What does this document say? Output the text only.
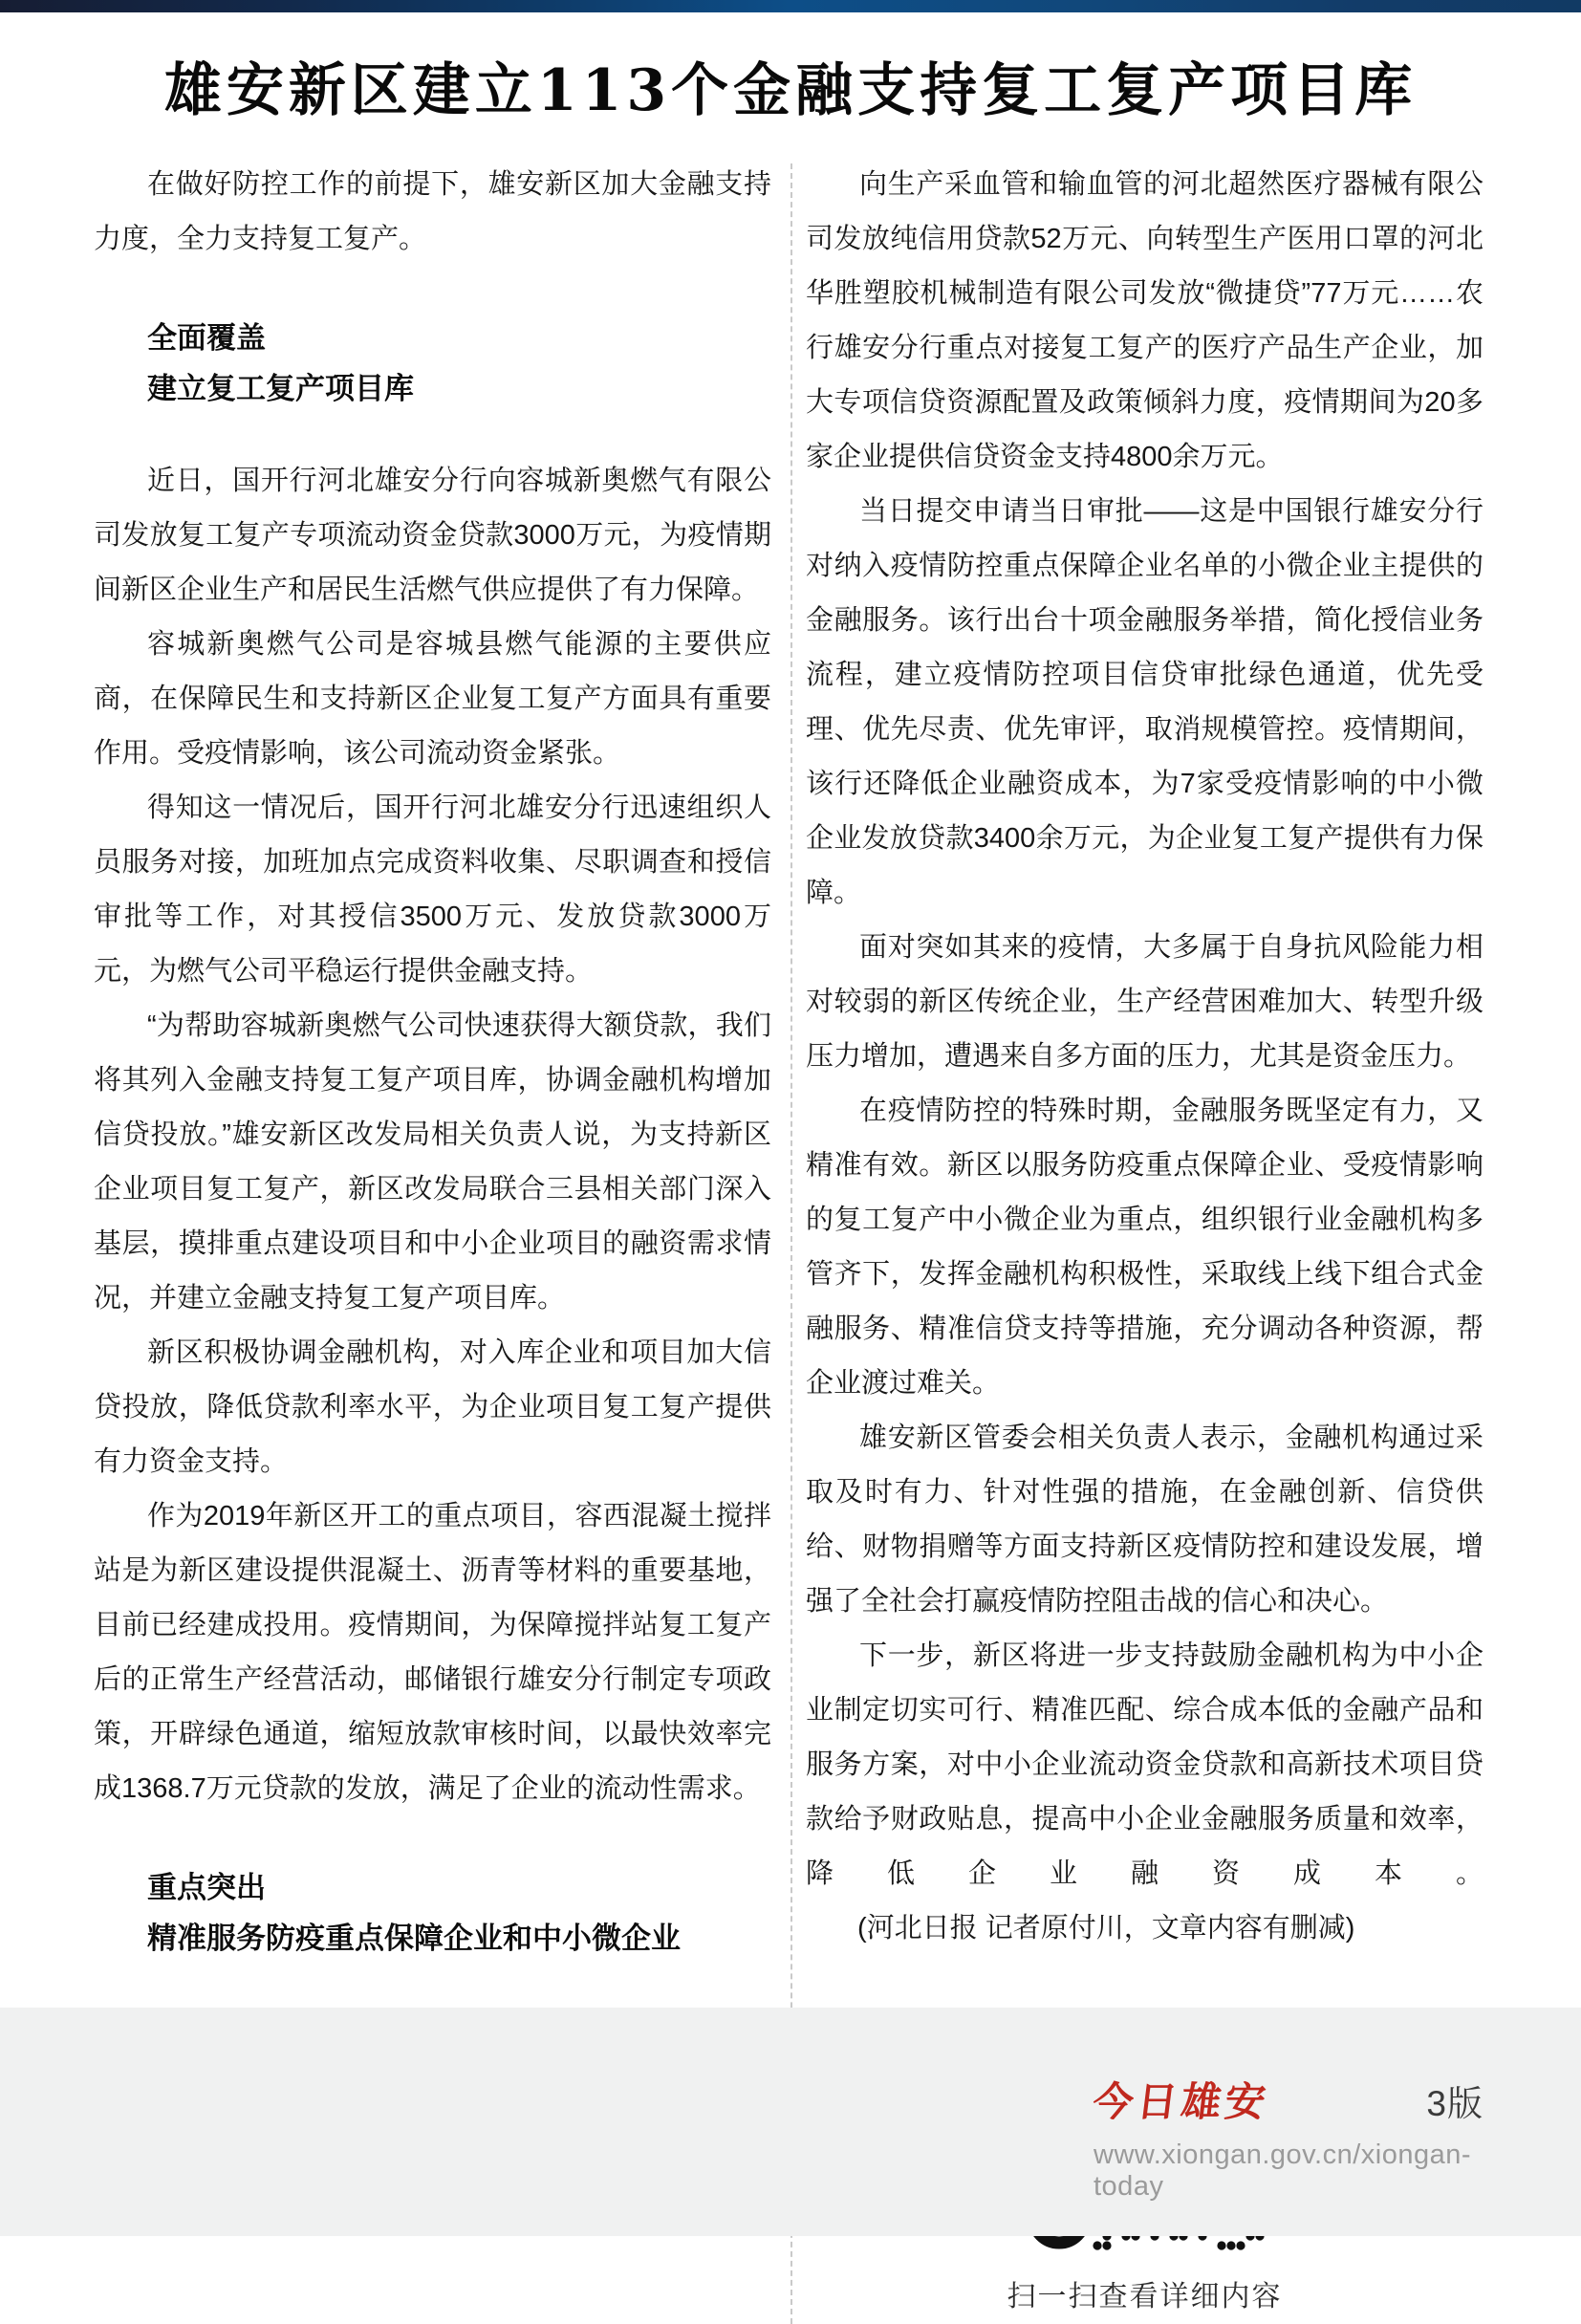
雄安新区建立113个金融支持复工复产项目库

在做好防控工作的前提下，雄安新区加大金融支持力度，全力支持复工复产。

全面覆盖
建立复工复产项目库

近日，国开行河北雄安分行向容城新奥燃气有限公司发放复工复产专项流动资金贷款3000万元，为疫情期间新区企业生产和居民生活燃气供应提供了有力保障。

容城新奥燃气公司是容城县燃气能源的主要供应商，在保障民生和支持新区企业复工复产方面具有重要作用。受疫情影响，该公司流动资金紧张。

得知这一情况后，国开行河北雄安分行迅速组织人员服务对接，加班加点完成资料收集、尽职调查和授信审批等工作，对其授信3500万元、发放贷款3000万元，为燃气公司平稳运行提供金融支持。

“为帮助容城新奥燃气公司快速获得大额贷款，我们将其列入金融支持复工复产项目库，协调金融机构增加信贷投放。”雄安新区改发局相关负责人说，为支持新区企业项目复工复产，新区改发局联合三县相关部门深入基层，摸排重点建设项目和中小企业项目的融资需求情况，并建立金融支持复工复产项目库。

新区积极协调金融机构，对入库企业和项目加大信贷投放，降低贷款利率水平，为企业项目复工复产提供有力资金支持。

作为2019年新区开工的重点项目，容西混凝土搅拌站是为新区建设提供混凝土、沥青等材料的重要基地，目前已经建成投用。疫情期间，为保障搅拌站复工复产后的正常生产经营活动，邮储银行雄安分行制定专项政策，开辟绿色通道，缩短放款审核时间，以最快效率完成1368.7万元贷款的发放，满足了企业的流动性需求。

重点突出
精准服务防疫重点保障企业和中小微企业

向生产采血管和输血管的河北超然医疗器械有限公司发放纯信用贷款52万元、向转型生产医用口罩的河北华胜塑胶机械制造有限公司发放“微捷贷”77万元……农行雄安分行重点对接复工复产的医疗产品生产企业，加大专项信贷资源配置及政策倾斜力度，疫情期间为20多家企业提供信贷资金支持4800余万元。

当日提交申请当日审批——这是中国银行雄安分行对纳入疫情防控重点保障企业名单的小微企业主提供的金融服务。该行出台十项金融服务举措，简化授信业务流程，建立疫情防控项目信贷审批绿色通道，优先受理、优先尽责、优先审评，取消规模管控。疫情期间，该行还降低企业融资成本，为7家受疫情影响的中小微企业发放贷款3400余万元，为企业复工复产提供有力保障。

面对突如其来的疫情，大多属于自身抗风险能力相对较弱的新区传统企业，生产经营困难加大、转型升级压力增加，遭遇来自多方面的压力，尤其是资金压力。

在疫情防控的特殊时期，金融服务既坚定有力，又精准有效。新区以服务防疫重点保障企业、受疫情影响的复工复产中小微企业为重点，组织银行业金融机构多管齐下，发挥金融机构积极性，采取线上线下组合式金融服务、精准信贷支持等措施，充分调动各种资源，帮企业渡过难关。

雄安新区管委会相关负责人表示，金融机构通过采取及时有力、针对性强的措施，在金融创新、信贷供给、财物捐赠等方面支持新区疫情防控和建设发展，增强了全社会打赢疫情防控阻击战的信心和决心。

下一步，新区将进一步支持鼓励金融机构为中小企业制定切实可行、精准匹配、综合成本低的金融产品和服务方案，对中小企业流动资金贷款和高新技术项目贷款给予财政贴息，提高中小企业金融服务质量和效率，降低企业融资成本。(河北日报 记者原付川，文章内容有删减)

扫一扫查看详细内容
今日雄安	3版
www.xiongan.gov.cn/xiongan-today
